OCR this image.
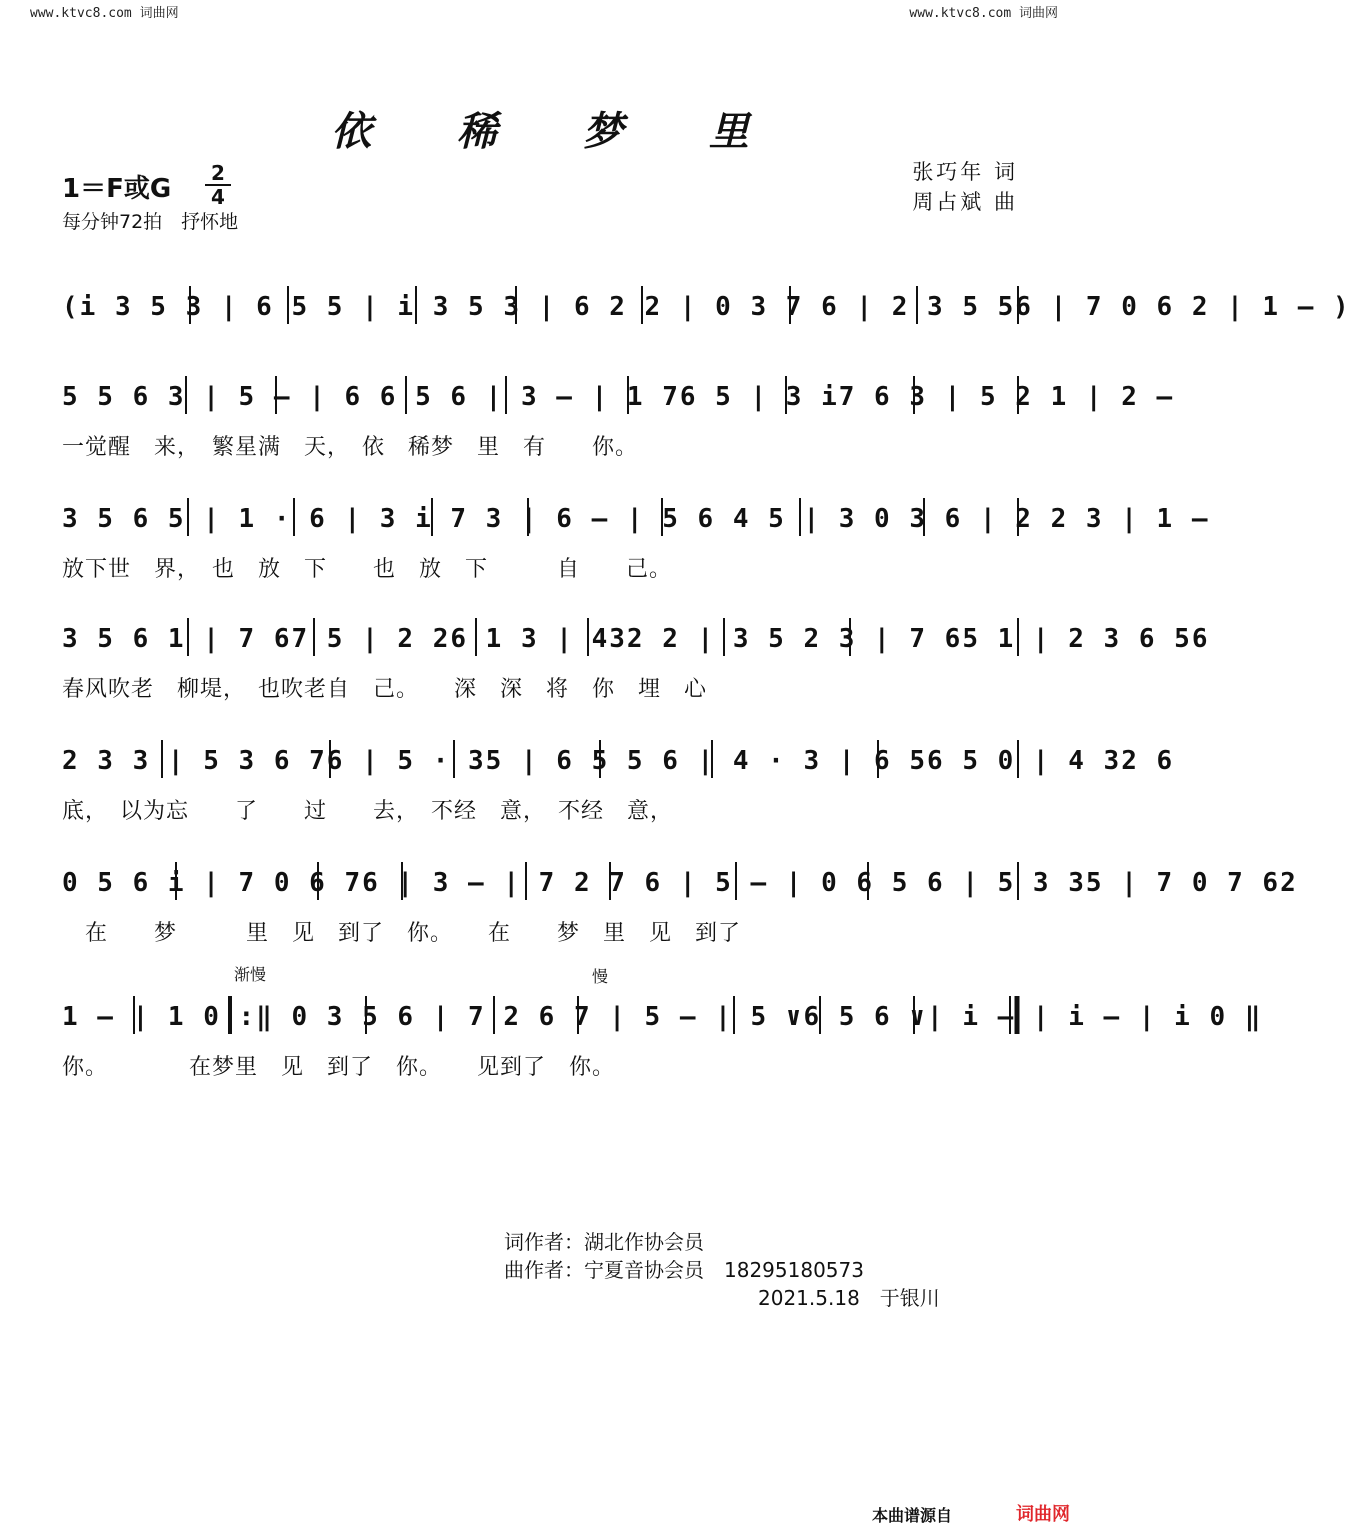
www.ktvc8.com 词曲网	www.ktvc8.com 词曲网
依 稀 梦 里
张巧年 词
周占斌 曲
1＝F或G
2
4
每分钟72拍　抒怀地
(i 3 5 3 | 6 5 5 | i 3 5 3 | 6 2 2 | 0 3 7 6 | 2 3 5 56 | 7 0 6 2 | 1 – )
5 5 6 3 | 5 – | 6 6 5 6 | 3 – | 1 76 5 | 3 i7 6 3 | 5 2 1 | 2 –
一觉醒　来，　繁星满　天，　依　稀梦　里　有　　你。
3 5 6 5 | 1 · 6 | 3 i 7 3 | 6 – | 5 6 4 5 | 3 0 3 6 | 2 2 3 | 1 –
放下世　界，　也　放　下　　也　放　下　　　自　　己。
3 5 6 1 | 7 67 5 | 2 26 1 3 | 432 2 | 3 5 2 3 | 7 65 1 | 2 3 6 56
春风吹老　柳堤，　也吹老自　己。　　深　深　将　你　埋　心
2 3 3 | 5 3 6 76 | 5 · 35 | 6 5 5 6 | 4 · 3 | 6 56 5 0 | 4 32 6
底，　以为忘　　了　　过　　去，　不经　意，　不经　意，
0 5 6 i | 7 0 6 76 | 3 – | 7 2 7 6 | 5 – | 0 6 5 6 | 5 3 35 | 7 0 7 62
　在　　梦　　　里　见　到了　你。　　在　　梦　里　见　到了
渐慢	慢
1 – | 1 0 :‖ 0 3 5 6 | 7 2 6 7 | 5 – | 5 ∨6 5 6 ∨| i – | i – | i 0 ‖
你。　　　　在梦里　见　到了　你。　　见到了　你。
词作者：湖北作协会员
曲作者：宁夏音协会员　18295180573
2021.5.18　于银川
本曲谱源自	词曲网
